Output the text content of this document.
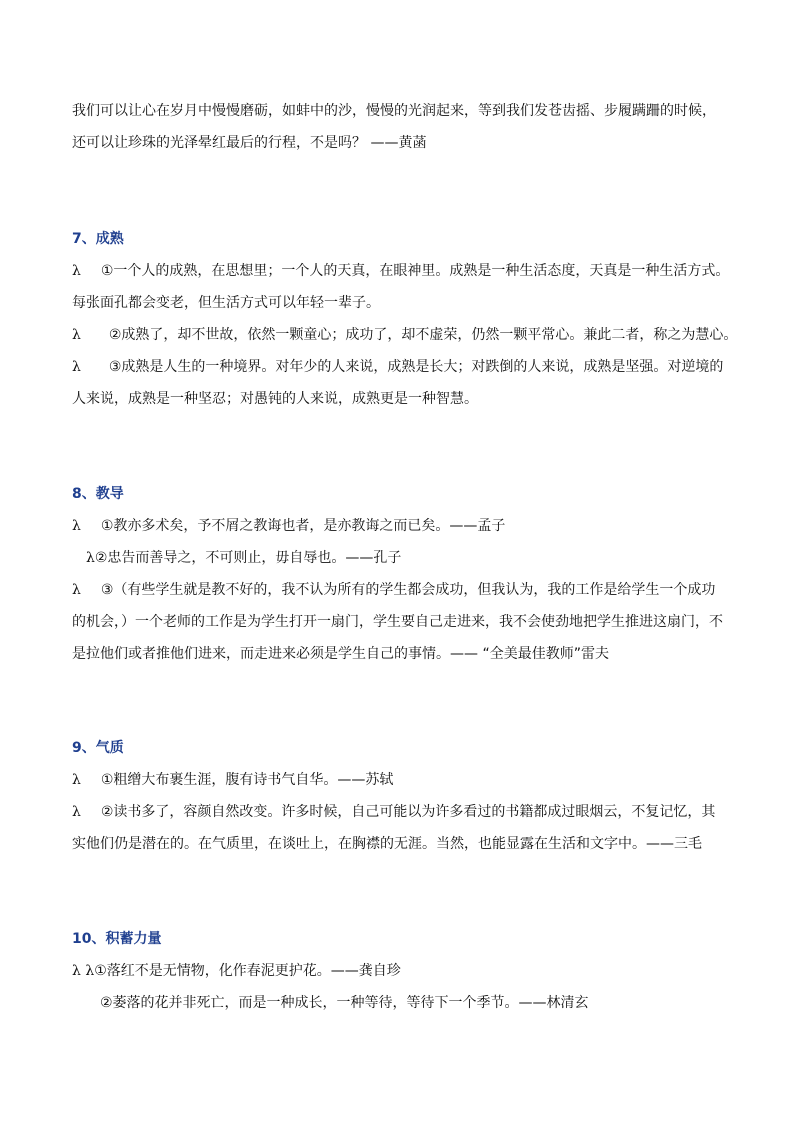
我们可以让心在岁月中慢慢磨砺，如蚌中的沙，慢慢的光润起来，等到我们发苍齿摇、步履蹒跚的时候，
还可以让珍珠的光泽晕红最后的行程，不是吗？ ——黄菡
7、成熟
λ ①一个人的成熟，在思想里；一个人的天真，在眼神里。成熟是一种生活态度，天真是一种生活方式。
每张面孔都会变老，但生活方式可以年轻一辈子。
λ ②成熟了，却不世故，依然一颗童心；成功了，却不虚荣，仍然一颗平常心。兼此二者，称之为慧心。
λ ③成熟是人生的一种境界。对年少的人来说，成熟是长大；对跌倒的人来说，成熟是坚强。对逆境的
人来说，成熟是一种坚忍；对愚钝的人来说，成熟更是一种智慧。
8、教导
λ ①教亦多术矣，予不屑之教诲也者，是亦教诲之而已矣。——孟子
λ②忠告而善导之，不可则止，毋自辱也。——孔子
λ ③（有些学生就是教不好的，我不认为所有的学生都会成功，但我认为，我的工作是给学生一个成功
的机会，）一个老师的工作是为学生打开一扇门，学生要自己走进来，我不会使劲地把学生推进这扇门，不
是拉他们或者推他们进来，而走进来必须是学生自己的事情。—— “全美最佳教师”雷夫
9、气质
λ ①粗缯大布裹生涯，腹有诗书气自华。——苏轼
λ ②读书多了，容颜自然改变。许多时候，自己可能以为许多看过的书籍都成过眼烟云，不复记忆，其
实他们仍是潜在的。在气质里，在谈吐上，在胸襟的无涯。当然，也能显露在生活和文字中。——三毛
10、积蓄力量
λ λ①落红不是无情物，化作春泥更护花。——龚自珍
②萎落的花并非死亡，而是一种成长，一种等待，等待下一个季节。——林清玄
